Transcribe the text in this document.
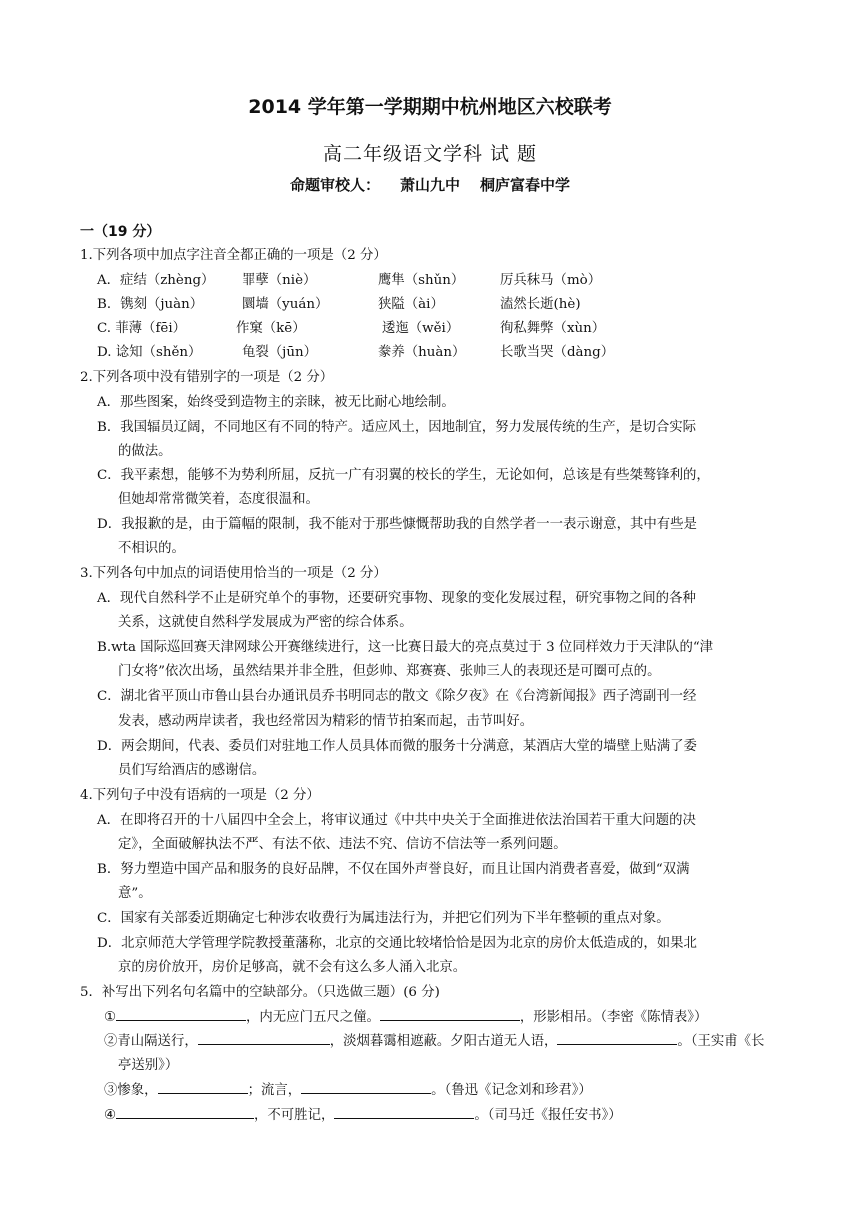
2014 学年第一学期期中杭州地区六校联考
高二年级语文学科 试 题
命题审校人： 萧山九中 桐庐富春中学
一（19 分）
1.下列各项中加点字注音全都正确的一项是（2 分）
A．症结（zhèng） 罪孽（niè）	鹰隼（shǔn）	厉兵秣马（mò）
B．镌刻（juàn）	圜墙（yuán）	狭隘（ài）	溘然长逝(hè)
C. 菲薄（fēi）	作窠（kē）	逶迤（wěi）	徇私舞弊（xùn）
D. 谂知（shěn）	龟裂（jūn）	豢养（huàn）	长歌当哭（dàng）
2.下列各项中没有错别字的一项是（2 分）
A．那些图案，始终受到造物主的亲睐，被无比耐心地绘制。
B．我国辐员辽阔，不同地区有不同的特产。适应风土，因地制宜，努力发展传统的生产，是切合实际
的做法。
C．我平素想，能够不为势利所屈，反抗一广有羽翼的校长的学生，无论如何，总该是有些桀骜锋利的，
但她却常常微笑着，态度很温和。
D．我报歉的是，由于篇幅的限制，我不能对于那些慷慨帮助我的自然学者一一表示谢意，其中有些是
不相识的。
3.下列各句中加点的词语使用恰当的一项是（2 分）
A．现代自然科学不止是研究单个的事物，还要研究事物、现象的变化发展过程，研究事物之间的各种
关系，这就使自然科学发展成为严密的综合体系。
B.wta 国际巡回赛天津网球公开赛继续进行，这一比赛日最大的亮点莫过于 3 位同样效力于天津队的“津
门女将”依次出场，虽然结果并非全胜，但彭帅、郑赛赛、张帅三人的表现还是可圈可点的。
C．湖北省平顶山市鲁山县台办通讯员乔书明同志的散文《除夕夜》在《台湾新闻报》西子湾副刊一经
发表，感动两岸读者，我也经常因为精彩的情节拍案而起，击节叫好。
D．两会期间，代表、委员们对驻地工作人员具体而微的服务十分满意，某酒店大堂的墙壁上贴满了委
员们写给酒店的感谢信。
4.下列句子中没有语病的一项是（2 分）
A．在即将召开的十八届四中全会上，将审议通过《中共中央关于全面推进依法治国若干重大问题的决
定》，全面破解执法不严、有法不依、违法不究、信访不信法等一系列问题。
B．努力塑造中国产品和服务的良好品牌，不仅在国外声誉良好，而且让国内消费者喜爱，做到“双满
意”。
C．国家有关部委近期确定七种涉农收费行为属违法行为，并把它们列为下半年整顿的重点对象。
D．北京师范大学管理学院教授董藩称，北京的交通比较堵恰恰是因为北京的房价太低造成的，如果北
京的房价放开，房价足够高，就不会有这么多人涌入北京。
5．补写出下列名句名篇中的空缺部分。（只选做三题）(6 分)
①	，内无应门五尺之僮。	，形影相吊。（李密《陈情表》）
②青山隔送行，	，淡烟暮霭相遮蔽。夕阳古道无人语，	。（王实甫《长
亭送别》）
③惨象，	；流言，	。（鲁迅《记念刘和珍君》）
④	，不可胜记，	。（司马迁《报任安书》）
